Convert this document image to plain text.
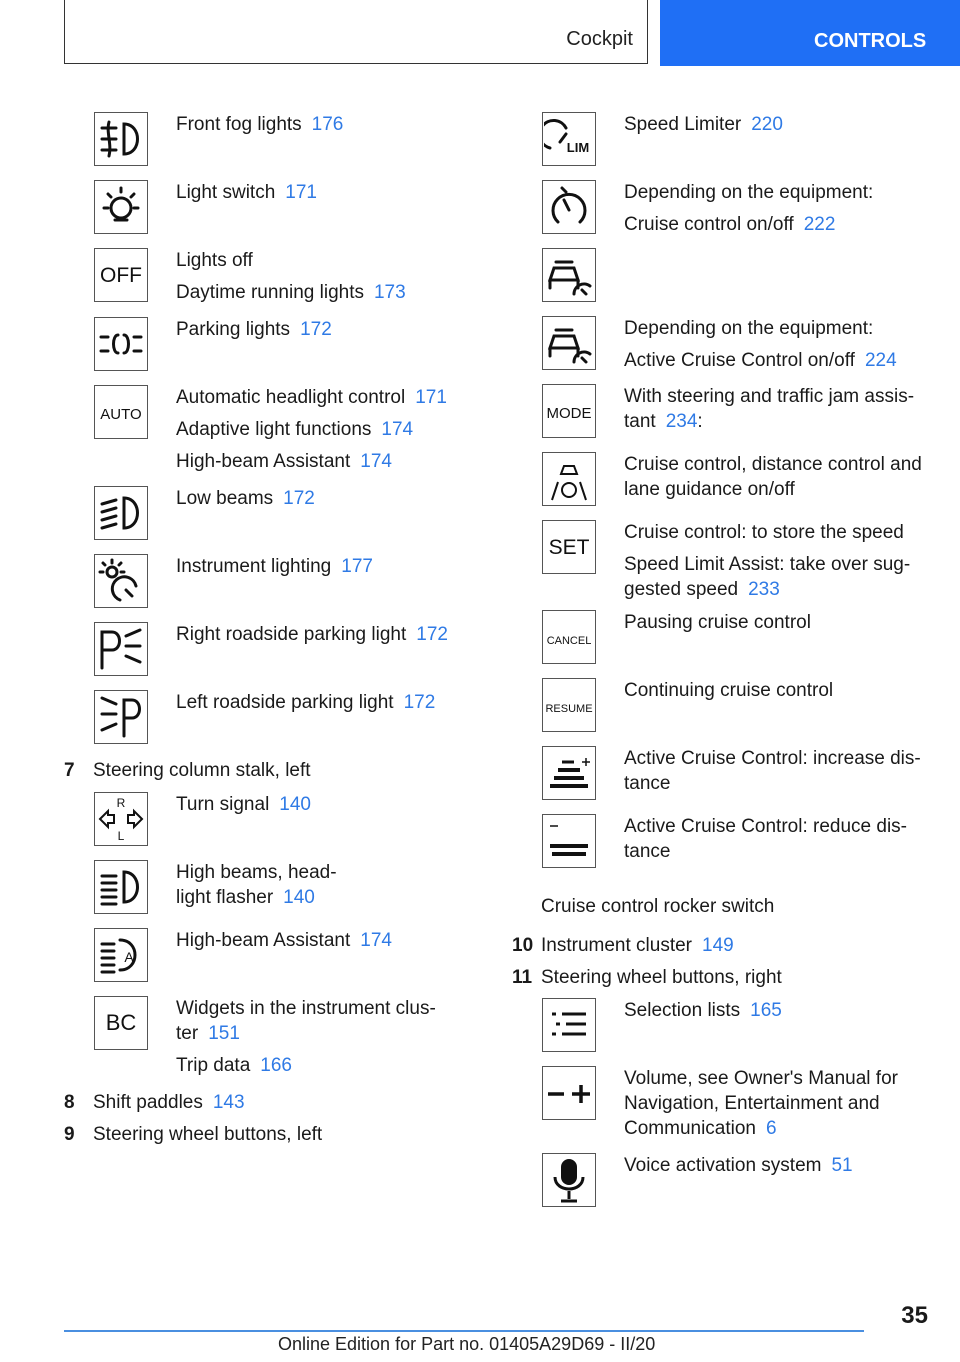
Cockpit	CONTROLS

Front fog lights 176

Light switch 171

OFF

Lights off

Daytime running lights 173

Parking lights 172

AUTO

Automatic headlight control 171

Adaptive light functions 174

High-beam Assistant 174

Low beams 172

Instrument lighting 177

Right roadside parking light 172

Left roadside parking light 172

7 Steering column stalk, left
R
L

Turn signal 140

High beams, head-
light flasher 140

A

High-beam Assistant 174

BC

Widgets in the instrument clus-
ter 151

Trip data 166

8 Shift paddles 143
9 Steering wheel buttons, left
LIM

Speed Limiter 220

Depending on the equipment:

Cruise control on/off 222

Depending on the equipment:

Active Cruise Control on/off 224

MODE

With steering and traffic jam assis-
tant 234:

Cruise control, distance control and
lane guidance on/off

SET

Cruise control: to store the speed

Speed Limit Assist: take over sug-
gested speed 233

CANCEL

Pausing cruise control

RESUME

Continuing cruise control

Active Cruise Control: increase dis-
tance

Active Cruise Control: reduce dis-
tance

Cruise control rocker switch
10 Instrument cluster 149
11 Steering wheel buttons, right

Selection lists 165

Volume, see Owner's Manual for
Navigation, Entertainment and
Communication 6

Voice activation system 51

35
Online Edition for Part no. 01405A29D69 - II/20
